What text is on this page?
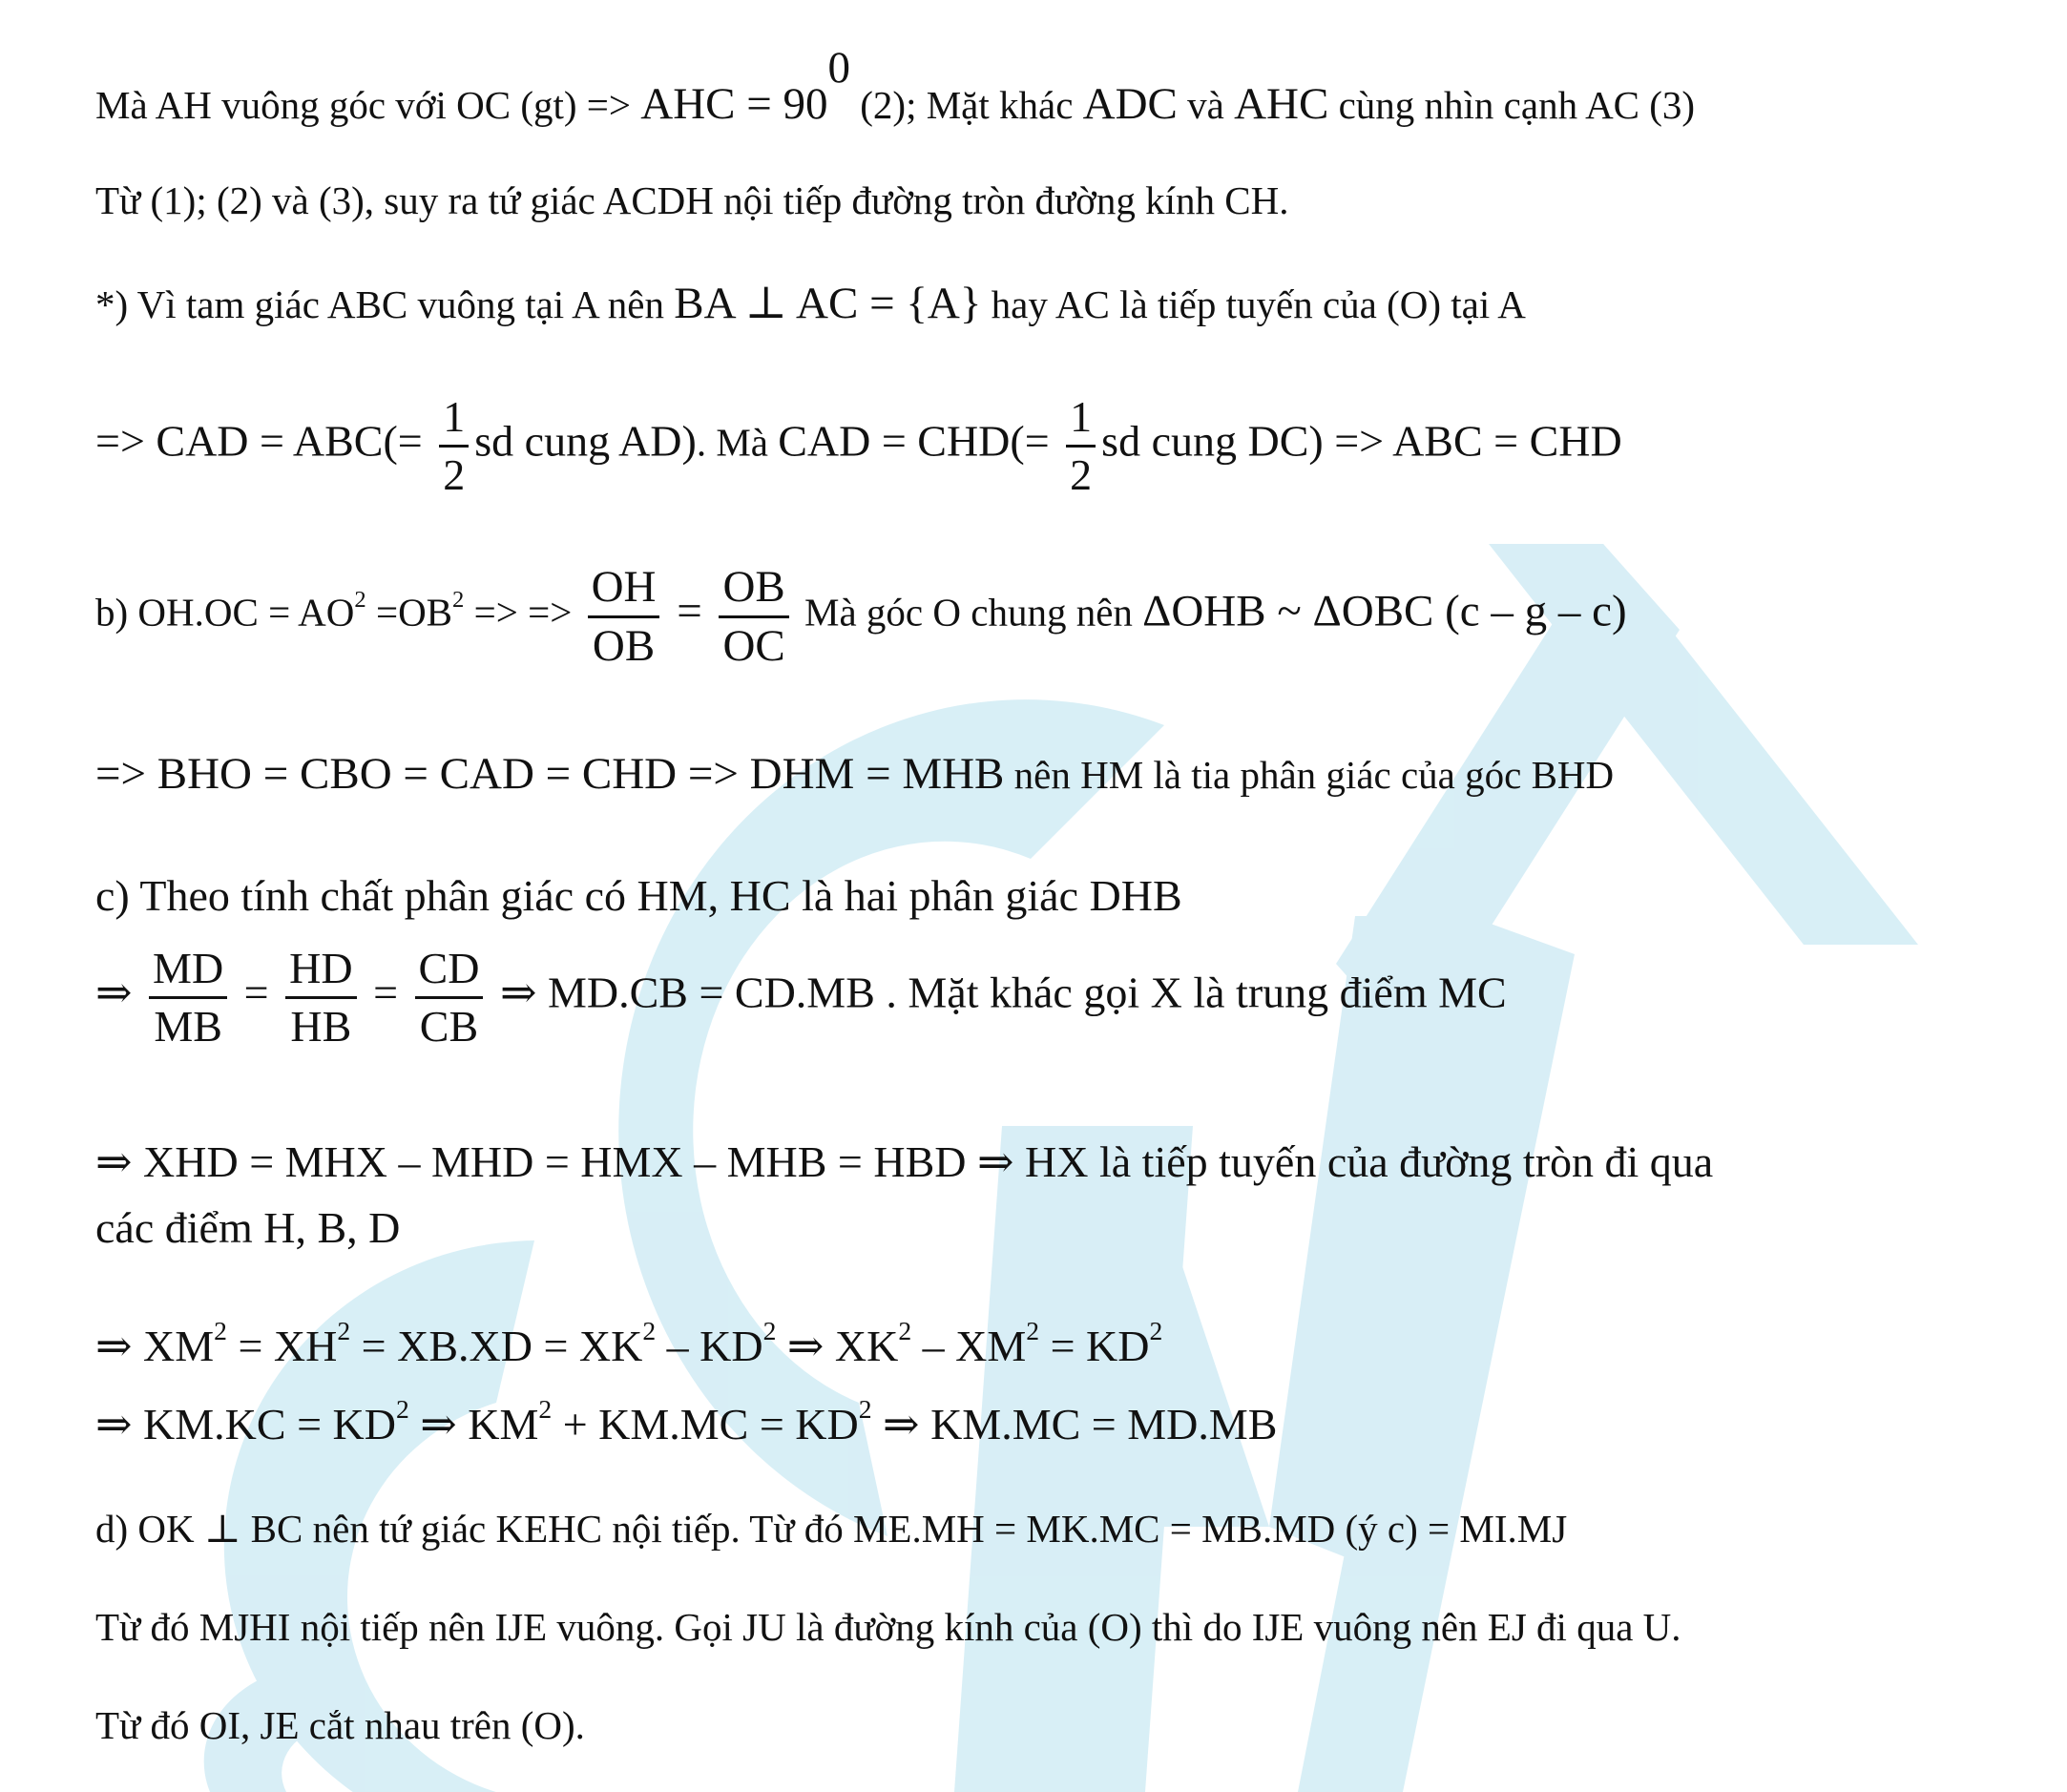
Mà AH vuông góc với OC (gt) => AHC = $90^0$ (2); Mặt khác ADC và AHC cùng nhìn cạnh AC (3)
Từ (1); (2) và (3), suy ra tứ giác ACDH nội tiếp đường tròn đường kính CH.
*) Vì tam giác ABC vuông tại A nên BA ⊥ AC = {A} hay AC là tiếp tuyến của (O) tại A
=> CAD = $ABC(= \frac{1}{2}$ sd cung AD). Mà CAD = $CHD(= \frac{1}{2}$ sd cung DC) => ABC = CHD
b) $OH.OC = AO^2 =OB^2$ => => $\frac{OH}{OB} = \frac{OB}{OC}$ Mà góc O chung nên ΔOHB ~ ΔOBC (c – g – c)
=> BHO = CBO = CAD = CHD => DHM = MHB nên HM là tia phân giác của góc BHD
c) Theo tính chất phân giác có HM, HC là hai phân giác DHB
⇒ $\frac{MD}{MB} = \frac{HD}{HB} = \frac{CD}{CB}$ ⇒ MD.CB = CD.MB . Mặt khác gọi X là trung điểm MC
⇒ XHD = MHX – MHD = HMX – MHB = HBD ⇒ HX là tiếp tuyến của đường tròn đi qua
các điểm H, B, D
⇒ $XM^2 = XH^2 = XB.XD = XK^2 - KD^2$ ⇒ $XK^2 - XM^2 = KD^2$
⇒ $KM.KC = KD^2$ ⇒ $KM^2 + KM.MC = KD^2$ ⇒ KM.MC = MD.MB
d) OK ⊥ BC nên tứ giác KEHC nội tiếp. Từ đó ME.MH = MK.MC = MB.MD (ý c) = MI.MJ
Từ đó MJHI nội tiếp nên IJE vuông. Gọi JU là đường kính của (O) thì do IJE vuông nên EJ đi qua U.
Từ đó OI, JE cắt nhau trên (O).
